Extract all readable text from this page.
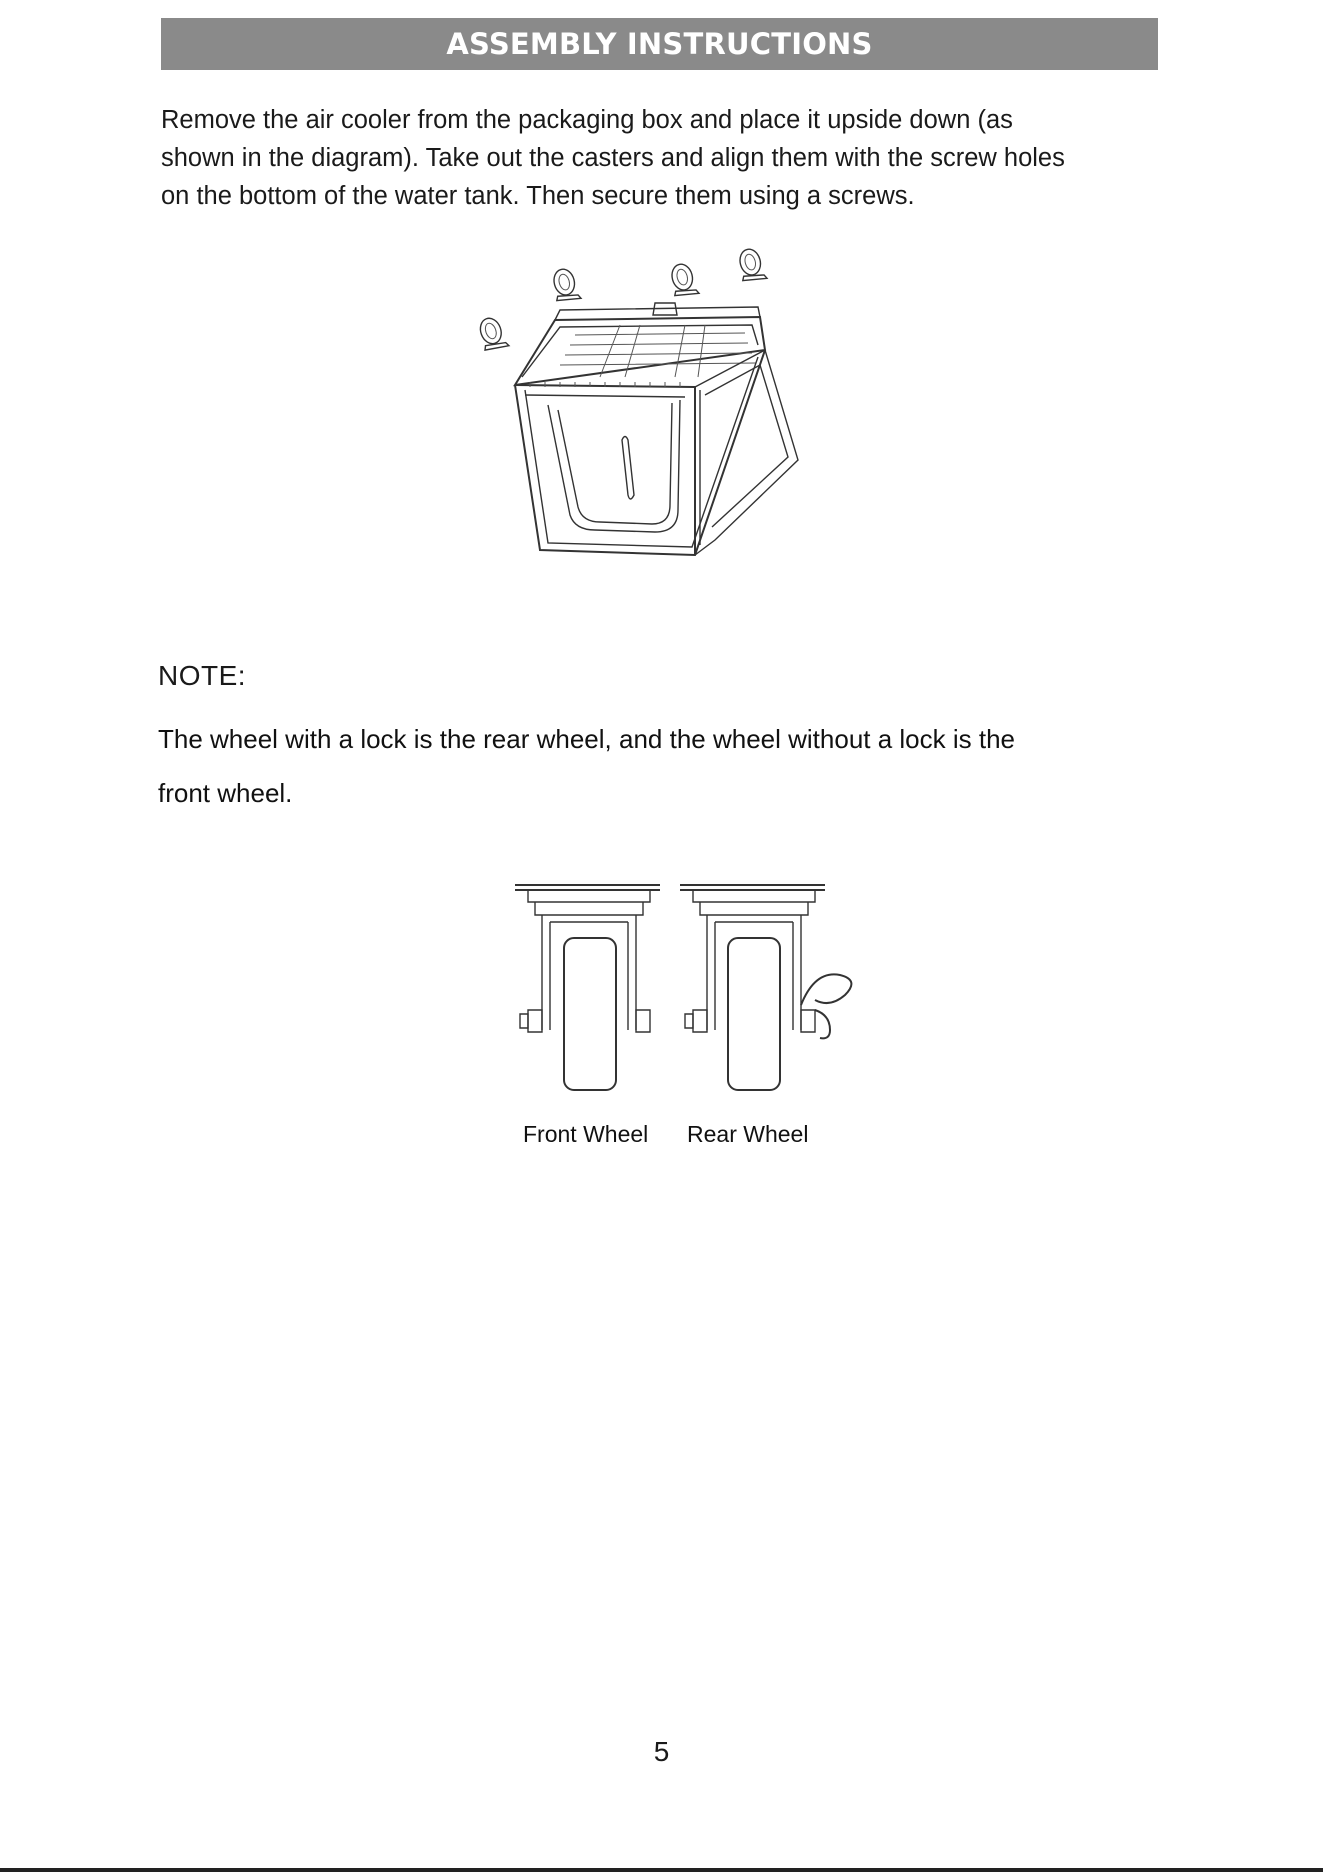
ASSEMBLY INSTRUCTIONS
Remove the air cooler from the packaging box and place it upside down (as
shown in the diagram). Take out the casters and align them with the screw holes
on the bottom of the water tank. Then secure them using a screws.
NOTE:
The wheel with a lock is the rear wheel, and the wheel without a lock is the
front wheel.
Front Wheel Rear Wheel
5
